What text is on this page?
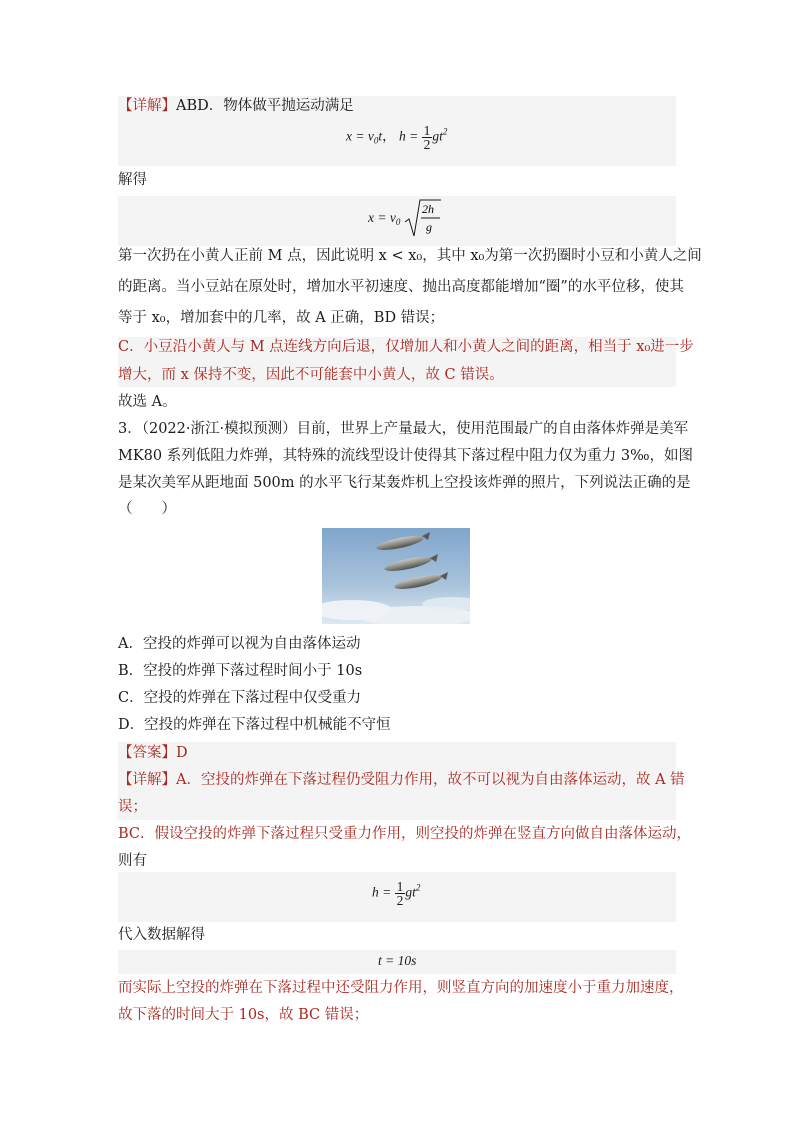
【详解】ABD．物体做平抛运动满足
$x = v_0t$， $h = \frac{1}{2} gt^2$
解得
$x = v_0$
2h
g
第一次扔在小黄人正前 M 点，因此说明 x < x₀，其中 x₀为第一次扔圈时小豆和小黄人之间
的距离。当小豆站在原处时，增加水平初速度、抛出高度都能增加“圈”的水平位移，使其
等于 x₀，增加套中的几率，故 A 正确，BD 错误；
C．小豆沿小黄人与 M 点连线方向后退，仅增加人和小黄人之间的距离，相当于 x₀进一步
增大，而 x 保持不变，因此不可能套中小黄人，故 C 错误。
故选 A。
3．（2022·浙江·模拟预测）目前，世界上产量最大，使用范围最广的自由落体炸弹是美军
MK80 系列低阻力炸弹，其特殊的流线型设计使得其下落过程中阻力仅为重力 3‰，如图
是某次美军从距地面 500m 的水平飞行某轰炸机上空投该炸弹的照片，下列说法正确的是
（　　）
A．空投的炸弹可以视为自由落体运动
B．空投的炸弹下落过程时间小于 10s
C．空投的炸弹在下落过程中仅受重力
D．空投的炸弹在下落过程中机械能不守恒
【答案】D
【详解】A．空投的炸弹在下落过程仍受阻力作用，故不可以视为自由落体运动，故 A 错
误；
BC．假设空投的炸弹下落过程只受重力作用，则空投的炸弹在竖直方向做自由落体运动，
则有
$h = \frac{1}{2} gt^2$
代入数据解得
t = 10s
而实际上空投的炸弹在下落过程中还受阻力作用，则竖直方向的加速度小于重力加速度，
故下落的时间大于 10s，故 BC 错误；
